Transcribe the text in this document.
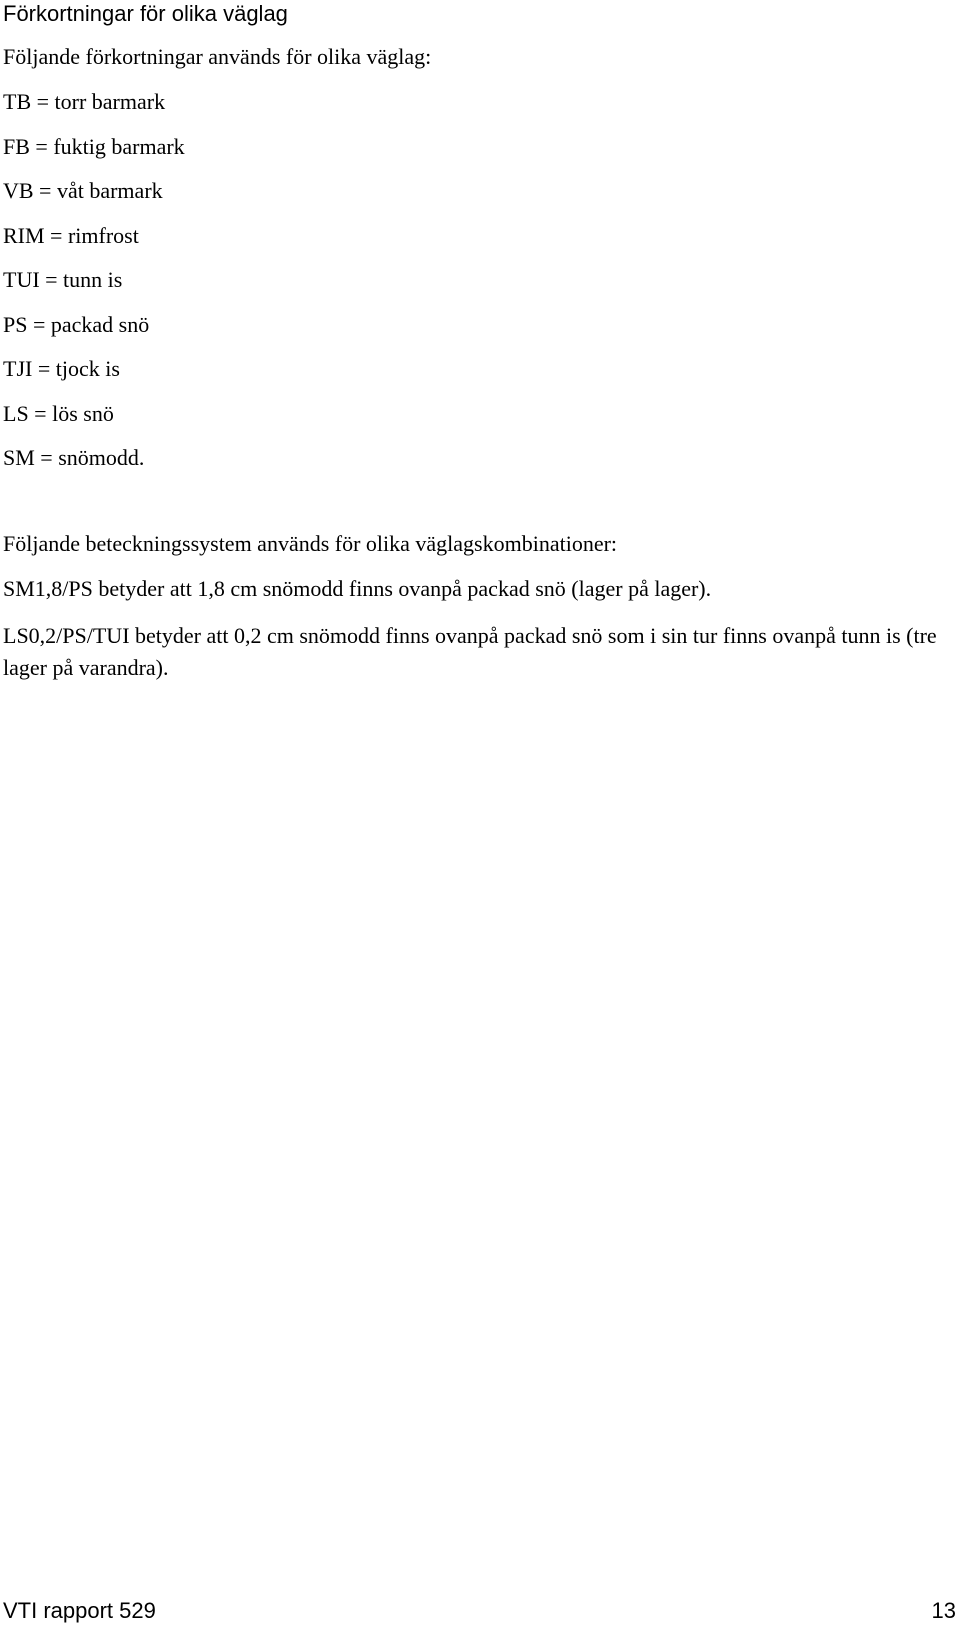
Förkortningar för olika väglag
Följande förkortningar används för olika väglag:
TB = torr barmark
FB = fuktig barmark
VB = våt barmark
RIM = rimfrost
TUI = tunn is
PS = packad snö
TJI = tjock is
LS = lös snö
SM = snömodd.
Följande beteckningssystem används för olika väglagskombinationer:
SM1,8/PS betyder att 1,8 cm snömodd finns ovanpå packad snö (lager på lager).
LS0,2/PS/TUI betyder att 0,2 cm snömodd finns ovanpå packad snö som i sin tur finns ovanpå tunn is (tre lager på varandra).
VTI rapport 529	13
